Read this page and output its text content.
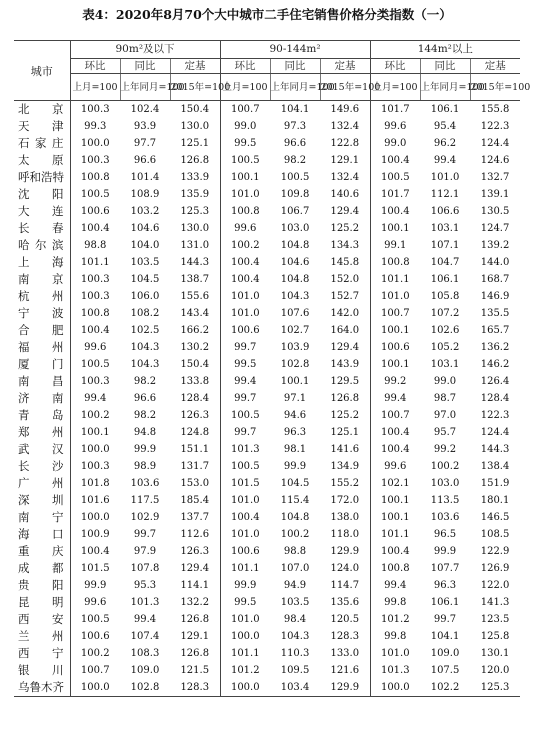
表4：2020年8月70个大中城市二手住宅销售价格分类指数（一）
城市	90m²及以下			90-144m²			144m²以上		
	环比	同比	定基	环比	同比	定基	环比	同比	定基
	上月=100	上年同月=100	2015年=100	上月=100	上年同月=100	2015年=100	上月=100	上年同月=100	2015年=100
北京	100.3	102.4	150.4	100.7	104.1	149.6	101.7	106.1	155.8
天津	99.3	93.9	130.0	99.0	97.3	132.4	99.6	95.4	122.3
石家庄	100.0	97.7	125.1	99.5	96.6	122.8	99.0	96.2	124.4
太原	100.3	96.6	126.8	100.5	98.2	129.1	100.4	99.4	124.6
呼和浩特	100.8	101.4	133.9	100.1	100.5	132.4	100.5	101.0	132.7
沈阳	100.5	108.9	135.9	101.0	109.8	140.6	101.7	112.1	139.1
大连	100.6	103.2	125.3	100.8	106.7	129.4	100.4	106.6	130.5
长春	100.4	104.6	130.0	99.6	103.0	125.2	100.1	103.1	124.7
哈尔滨	98.8	104.0	131.0	100.2	104.8	134.3	99.1	107.1	139.2
上海	101.1	103.5	144.3	100.4	104.6	145.8	100.8	104.7	144.0
南京	100.3	104.5	138.7	100.4	104.8	152.0	101.1	106.1	168.7
杭州	100.3	106.0	155.6	101.0	104.3	152.7	101.0	105.8	146.9
宁波	100.8	108.2	143.4	101.0	107.6	142.0	100.7	107.2	135.5
合肥	100.4	102.5	166.2	100.6	102.7	164.0	100.1	102.6	165.7
福州	99.6	104.3	130.2	99.7	103.9	129.4	100.6	105.2	136.2
厦门	100.5	104.3	150.4	99.5	102.8	143.9	100.1	103.1	146.2
南昌	100.3	98.2	133.8	99.4	100.1	129.5	99.2	99.0	126.4
济南	99.4	96.6	128.4	99.7	97.1	126.8	99.4	98.7	128.4
青岛	100.2	98.2	126.3	100.5	94.6	125.2	100.7	97.0	122.3
郑州	100.1	94.8	124.8	99.7	96.3	125.1	100.4	95.7	124.4
武汉	100.0	99.9	151.1	101.3	98.1	141.6	100.4	99.2	144.3
长沙	100.3	98.9	131.7	100.5	99.9	134.9	99.6	100.2	138.4
广州	101.8	103.6	153.0	101.5	104.5	155.2	102.1	103.0	151.9
深圳	101.6	117.5	185.4	101.0	115.4	172.0	100.1	113.5	180.1
南宁	100.0	102.9	137.7	100.4	104.8	138.0	100.1	103.6	146.5
海口	100.9	99.7	112.6	101.0	100.2	118.0	101.1	96.5	108.5
重庆	100.4	97.9	126.3	100.6	98.8	129.9	100.4	99.9	122.9
成都	101.5	107.8	129.4	101.1	107.0	124.0	100.8	107.7	126.9
贵阳	99.9	95.3	114.1	99.9	94.9	114.7	99.4	96.3	122.0
昆明	99.6	101.3	132.2	99.5	103.5	135.6	99.8	106.1	141.3
西安	100.5	99.4	126.8	101.0	98.4	120.5	101.2	99.7	123.5
兰州	100.6	107.4	129.1	100.0	104.3	128.3	99.8	104.1	125.8
西宁	100.2	108.3	126.8	101.1	110.3	133.0	101.0	109.0	130.1
银川	100.7	109.0	121.5	101.2	109.5	121.6	101.3	107.5	120.0
乌鲁木齐	100.0	102.8	128.3	100.0	103.4	129.9	100.0	102.2	125.3
